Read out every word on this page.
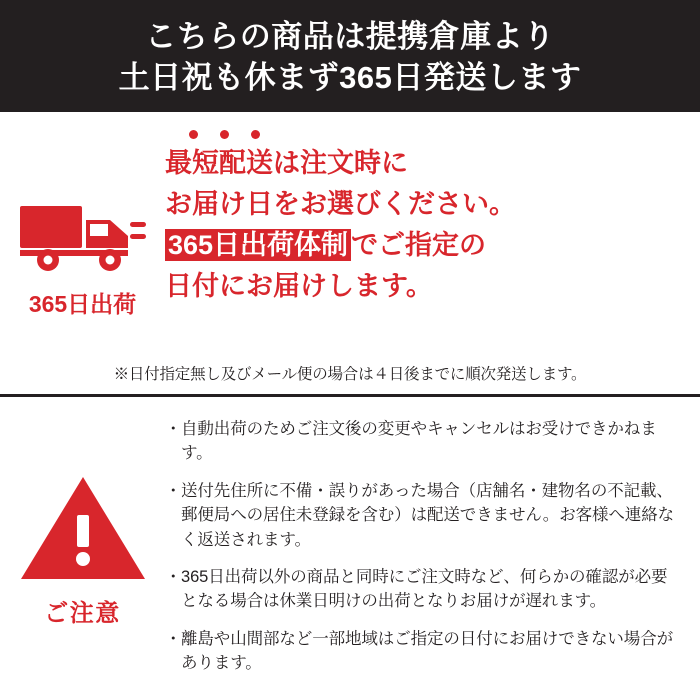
こちらの商品は提携倉庫より
土日祝も休まず365日発送します
365日出荷
最短配送は注文時に
お届け日をお選びください。
365日出荷体制 でご指定の
日付にお届けします。
※日付指定無し及びメール便の場合は４日後までに順次発送します。
ご注意
・ 自動出荷のためご注文後の変更やキャンセルはお受けできかねます。
・ 送付先住所に不備・誤りがあった場合（店舗名・建物名の不記載、郵便局への居住未登録を含む）は配送できません。お客様へ連絡なく返送されます。
・ 365日出荷以外の商品と同時にご注文時など、何らかの確認が必要となる場合は休業日明けの出荷となりお届けが遅れます。
・ 離島や山間部など一部地域はご指定の日付にお届けできない場合があります。
